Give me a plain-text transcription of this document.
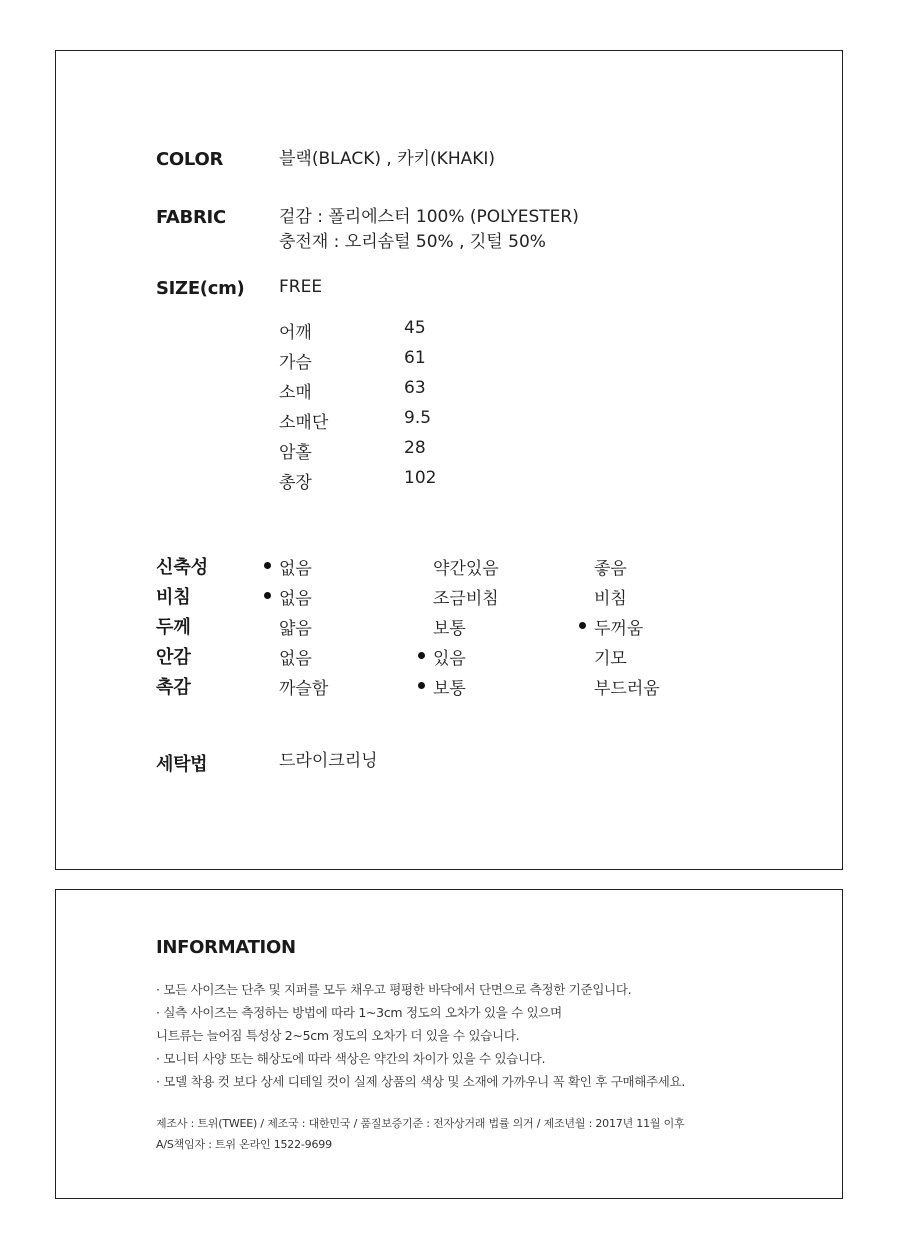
COLOR	블랙(BLACK) , 카키(KHAKI)
FABRIC	겉감 : 폴리에스터 100% (POLYESTER)
충전재 : 오리솜털 50% , 깃털 50%
SIZE(cm) FREE
어깨	45
가슴	61
소매	63
소매단	9.5
암홀	28
총장	102
신축성	없음	약간있음	좋음
비침	없음	조금비침	비침
두께	얇음	보통	두꺼움
안감	없음	있음	기모
촉감	까슬함	보통	부드러움
세탁법	드라이크리닝
INFORMATION
· 모든 사이즈는 단추 및 지퍼를 모두 채우고 평평한 바닥에서 단면으로 측정한 기준입니다.
· 실측 사이즈는 측정하는 방법에 따라 1~3cm 정도의 오차가 있을 수 있으며
니트류는 늘어짐 특성상 2~5cm 정도의 오차가 더 있을 수 있습니다.
· 모니터 사양 또는 해상도에 따라 색상은 약간의 차이가 있을 수 있습니다.
· 모델 착용 컷 보다 상세 디테일 컷이 실제 상품의 색상 및 소재에 가까우니 꼭 확인 후 구매해주세요.
제조사 : 트위(TWEE) / 제조국 : 대한민국 / 품질보증기준 : 전자상거래 법률 의거 / 제조년월 : 2017년 11월 이후
A/S책임자 : 트위 온라인 1522-9699
